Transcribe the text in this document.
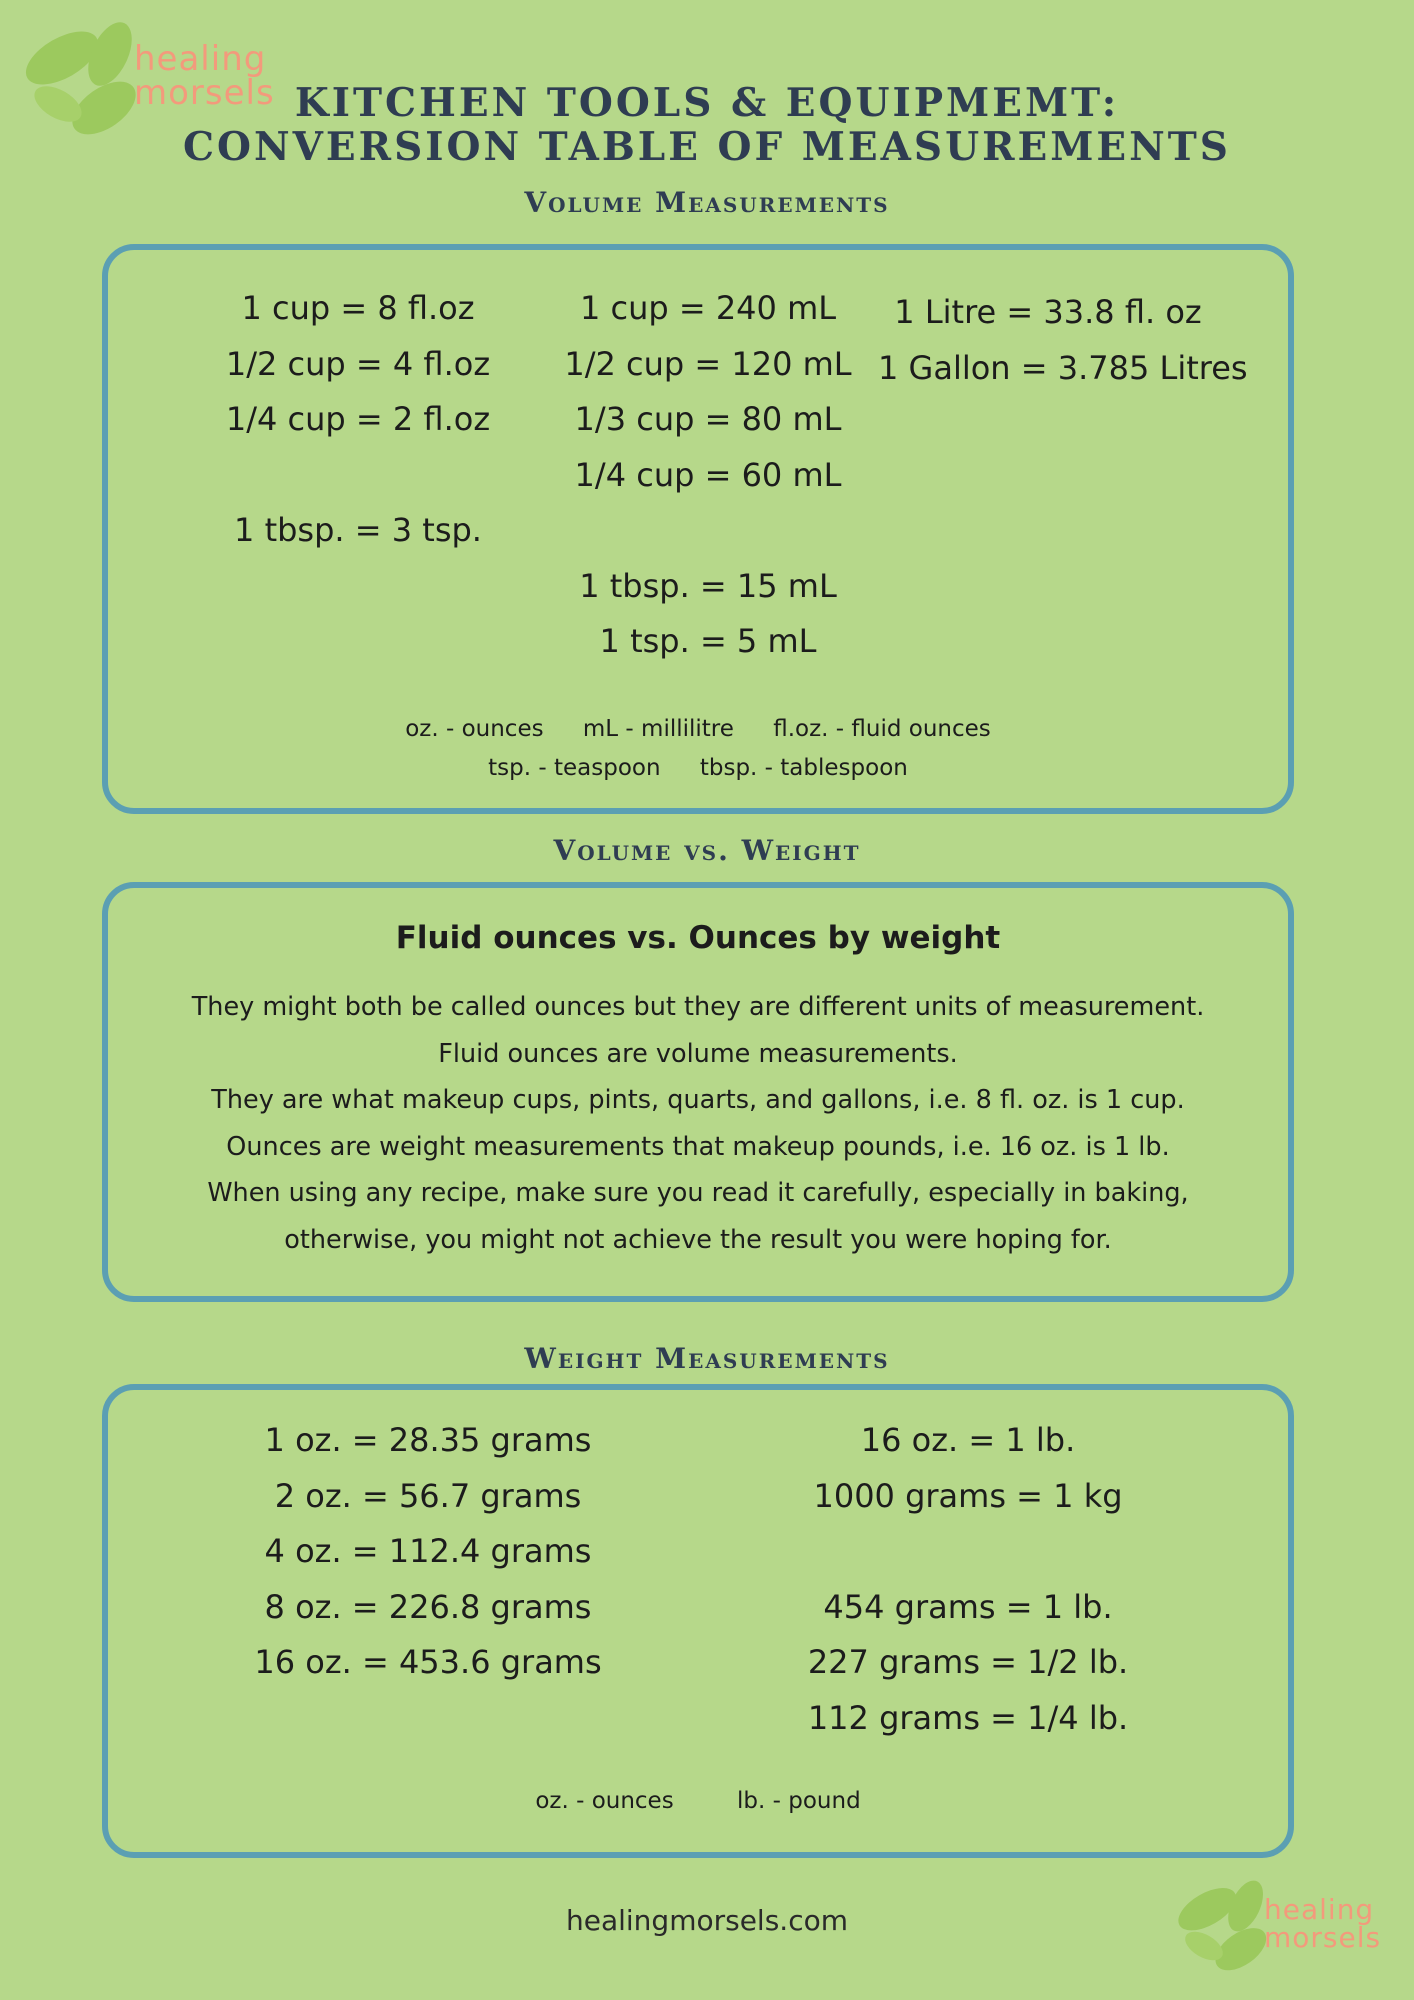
healing
morsels KITCHEN TOOLS & EQUIPMEMT:
CONVERSION TABLE OF MEASUREMENTS
Volume Measurements
1 cup = 8 fl.oz
1/2 cup = 4 fl.oz
1/4 cup = 2 fl.oz
1 tbsp. = 3 tsp.
1 cup = 240 mL
1/2 cup = 120 mL
1/3 cup = 80 mL
1/4 cup = 60 mL
1 tbsp. = 15 mL
1 tsp. = 5 mL
1 Litre = 33.8 fl. oz
1 Gallon = 3.785 Litres
oz. - ounces mL - millilitre fl.oz. - fluid ounces
tsp. - teaspoon tbsp. - tablespoon
Volume vs. Weight
Fluid ounces vs. Ounces by weight
They might both be called ounces but they are different units of measurement.
Fluid ounces are volume measurements.
They are what makeup cups, pints, quarts, and gallons, i.e. 8 fl. oz. is 1 cup.
Ounces are weight measurements that makeup pounds, i.e. 16 oz. is 1 lb.
When using any recipe, make sure you read it carefully, especially in baking,
otherwise, you might not achieve the result you were hoping for.
Weight Measurements
1 oz. = 28.35 grams
2 oz. = 56.7 grams
4 oz. = 112.4 grams
8 oz. = 226.8 grams
16 oz. = 453.6 grams
16 oz. = 1 lb.
1000 grams = 1 kg
454 grams = 1 lb.
227 grams = 1/2 lb.
112 grams = 1/4 lb.
oz. - ounces	lb. - pound
healingmorsels.com	healing
morsels
